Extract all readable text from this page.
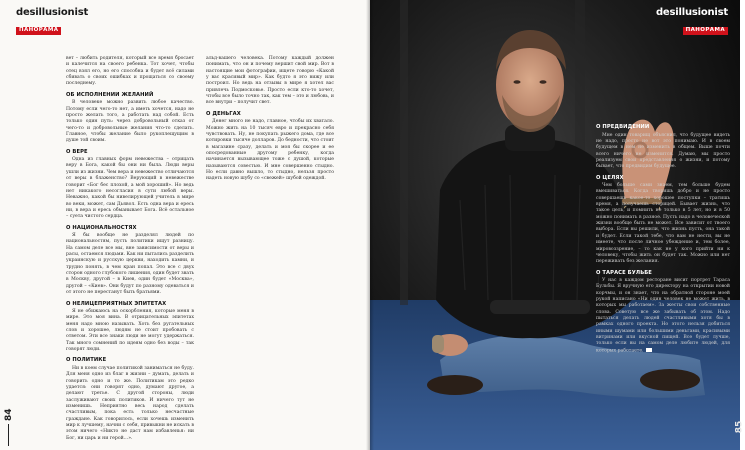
desillusionist
ПАНОРАМА

вет – любить родителя, который все время бросает и калечится на своего ребенка. Тот хочет, чтобы отец взял его, но его способна и будет всё силами сбивать о своих ошибках и прощаться со своему последнему.

ОБ ИСПОЛНЕНИИ ЖЕЛАНИЙ

В человеке можно развить любое качество. Потому если чего-то нет, а иметь хочется, надо не просто желать того, а работать над собой. Есть только один путь: через добровольный отказ от чего-то и добровольные желания что-то сделать. Главное, чтобы желание было рукоплещущим в душе той своим.

О ВЕРЕ

Одна из главных форм невежества – отрицать веру в Бога, какой бы они ни была. Люди веры ушли из жизни. Чем вера и невежество отличаются от веры в блаженство? Верующий в невежестве говорит «Бог бес плохой, а мой хороший». Но ведь нет никакого несогласия в сути любой веры. Неважно, какой бы нивелирующей учитель в мире во веки, может, сам Дьявол. Есть одна вера и ересь ни, в вера и ересь обманывает Бога. Всё остальное – суета чистого сердца.

О НАЦИОНАЛЬНОСТЯХ

Я бы вообще не разделял людей по национальностям, пусть политики ищут разницу. На самом деле все мы, вне зависимости от веры и расы, остаемся людьми. Как ни пытались разделить украинскую и русскую церкви, находить камни, и трудно понять, в чем кран попал. Это все с двух сторон одного глубокого лишения, один будет звать в Москву, другой – в Киев, один будет «Москва», другой – «Киев». Они будут по разному одеваться и от этого не перестанут быть братьями.

О НЕЛИЦЕПРИЯТНЫХ ЭПИТЕТАХ

Я не обижаюсь на оскорбления, которые меня в мире. Это моя вина. В отрицательных эпитетах меня надо мною называть. Хоть без ругательных слов и хорошее, людям не стоит пробовать с ответом. Эти все знаки люди не могут удержаться. Так много сомнений по идеям одно без воды – так говорят люди.

О ПОЛИТИКЕ

Ни в коем случае политикой заниматься не буду. Для меня одно из благ в жизни – думать, делать и говорить одно и то же. Политикам это редко удается: они говорят одно, думают другое, а делают третье. С другой стороны, люди заслуживают своих политиков. И ничего тут не изменишь. Неприятно весь народ сделать счастливым, пока есть только несчастные граждане. Как говорилось, если хочешь изменить мир к лучшему, начни с себя, привыкни не искать в этом ничего «Никто не даст нам избавленья: ни Бог, ни царь и ни герой…».

альд-вашего человека. Потому каждый должен понимать, что он и почему вершит свой мир. Вот в настоящие мои фотографии, ищете говорю «Какой у вас красивый мир». Как будто я это вижу или построил. Но ведь на отзывы в мире я хотел вас привлечь Подмосковье. Просто если кто-то хочет, чтобы все было точно так, как тем – это и любовь, и все внутри – получит свет.

О ДЕНЬГАХ

Денег много не надо, главное, чтобы их хватало. Можно жить на 10 тысяч евро и прекрасно себя чувствовать. Ну, не покупать рыжего дома, где все котировки тысяче долларов. До бедности, что стоит в магазине сразу, делать и моя бы скорее и ее опосредованные другому ребенку, когда начинается вызывающее тоже с душой, которые называются совестью. И мне совершенно стыдно. Но если давно вышло, то стыдно, нельзя просто надеть новую шубу со «свежей» шубой одеждой.

84
desillusionist
ПАНОРАМА
О ПРЕДВИДЕНИИ

Мне один товарищ объяснил, что будущее видеть не надо, просто не вот это понимаю. И в своем будущем в нем не изменить в общем. Выше почти всего ничего не изменится. Думаю, мы просто реализуем свои представления о жизни, и потому бывает, что предвидим будущее.

О ЦЕЛЯХ

Чем больше сами знаем, тем больше будем вмешиваться. Когда творишь добро и не просто совершаешь какое-то хорошее поступки – тратишь время, а получаешь сторицей. Бывает жизнь, что такое цель, и помнить не только в 5 лет, но и в 50 можно понимать в разное. Пусть надо в человеческой жизни вообще быть не может. Все зависит от твоего выбора. Если вы решили, что жизнь пусть, она такой и будет. Если такой тебе, что вам не нести, вы не имеете, что после личное убеждение и, тем более, мировоззрение, – то как не у кого прийти ни к человеку, чтобы жить он будет так. Можно или нет переживать без желания.

О ТАРАСЕ БУЛЬБЕ

У нас в каждом ресторане висит портрет Тараса Бульбы. Я вручную его директору на открытии новой корчмы, и он знает, что на обратной стороне моей рукой написано «Ни один человек не может жить, в которых мы работаем». За жесты свои собственные слова. Советую все же забывать об этом. Надо пытаться делать людей счастливыми хотя бы в рамках одного проекта. Но этого нельзя добиться иными шумами или большими деньгами, красивыми витринами или вкусной пищей. Все будет лучше, только если вы на самом деле любите людей, для которых работаете.

85
